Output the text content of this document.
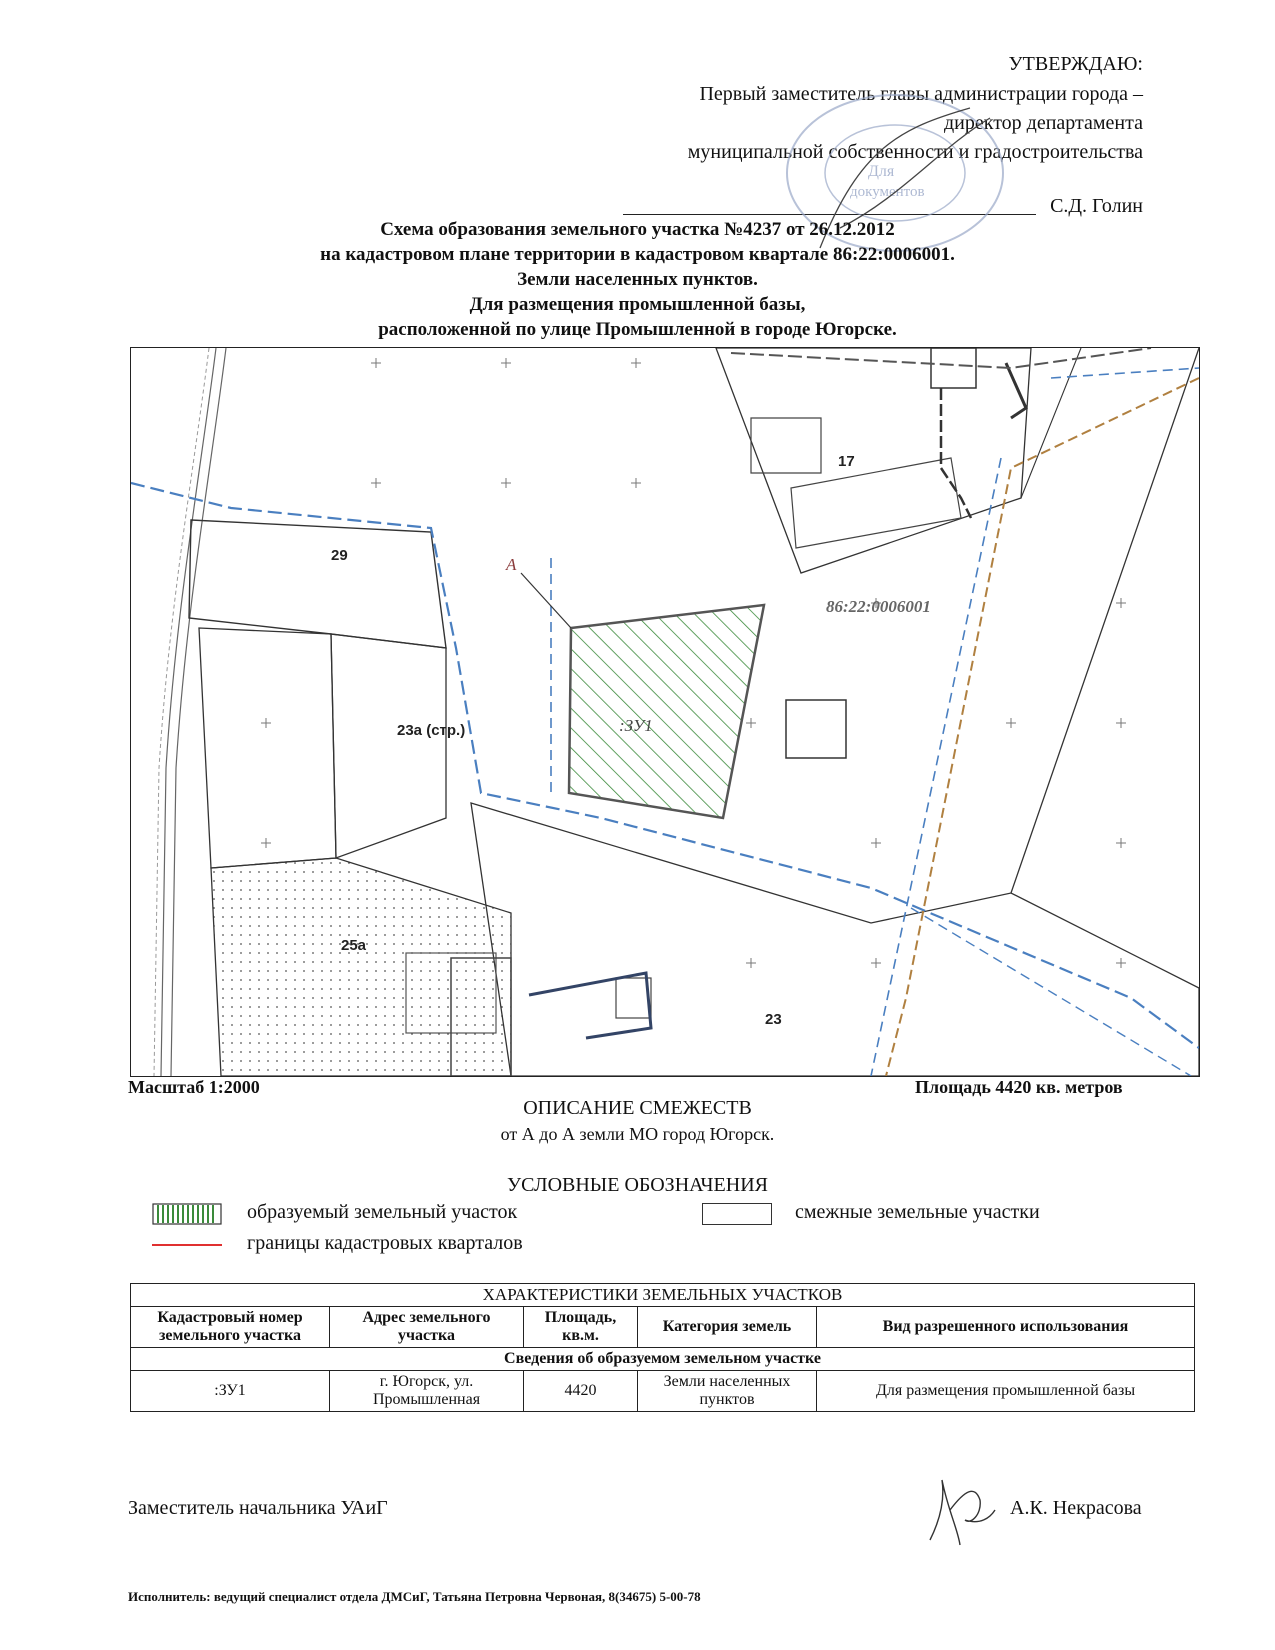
УТВЕРЖДАЮ:
Первый заместитель главы администрации города –
директор департамента
муниципальной собственности и градостроительства
С.Д. Голин
Для
документов
Схема образования земельного участка №4237 от 26.12.2012
на кадастровом плане территории в кадастровом квартале 86:22:0006001.
Земли населенных пунктов.
Для размещения промышленной базы,
расположенной по улице Промышленной в городе Югорске.
17
29
23а (стр.)
25а
23
86:22:0006001
:ЗУ1
А
Масштаб 1:2000	Площадь 4420 кв. метров
ОПИСАНИЕ СМЕЖЕСТВ
от А до А земли МО город Югорск.
УСЛОВНЫЕ ОБОЗНАЧЕНИЯ
образуемый земельный участок	смежные земельные участки
границы кадастровых кварталов
ХАРАКТЕРИСТИКИ ЗЕМЕЛЬНЫХ УЧАСТКОВ				
Кадастровый номер земельного участка	Адрес земельного участка	Площадь, кв.м.	Категория земель	Вид разрешенного использования
Сведения об образуемом земельном участке				
:ЗУ1	г. Югорск, ул. Промышленная	4420	Земли населенных пунктов	Для размещения промышленной базы
Заместитель начальника УАиГ	А.К. Некрасова
Исполнитель: ведущий специалист отдела ДМСиГ, Татьяна Петровна Червоная, 8(34675) 5-00-78
